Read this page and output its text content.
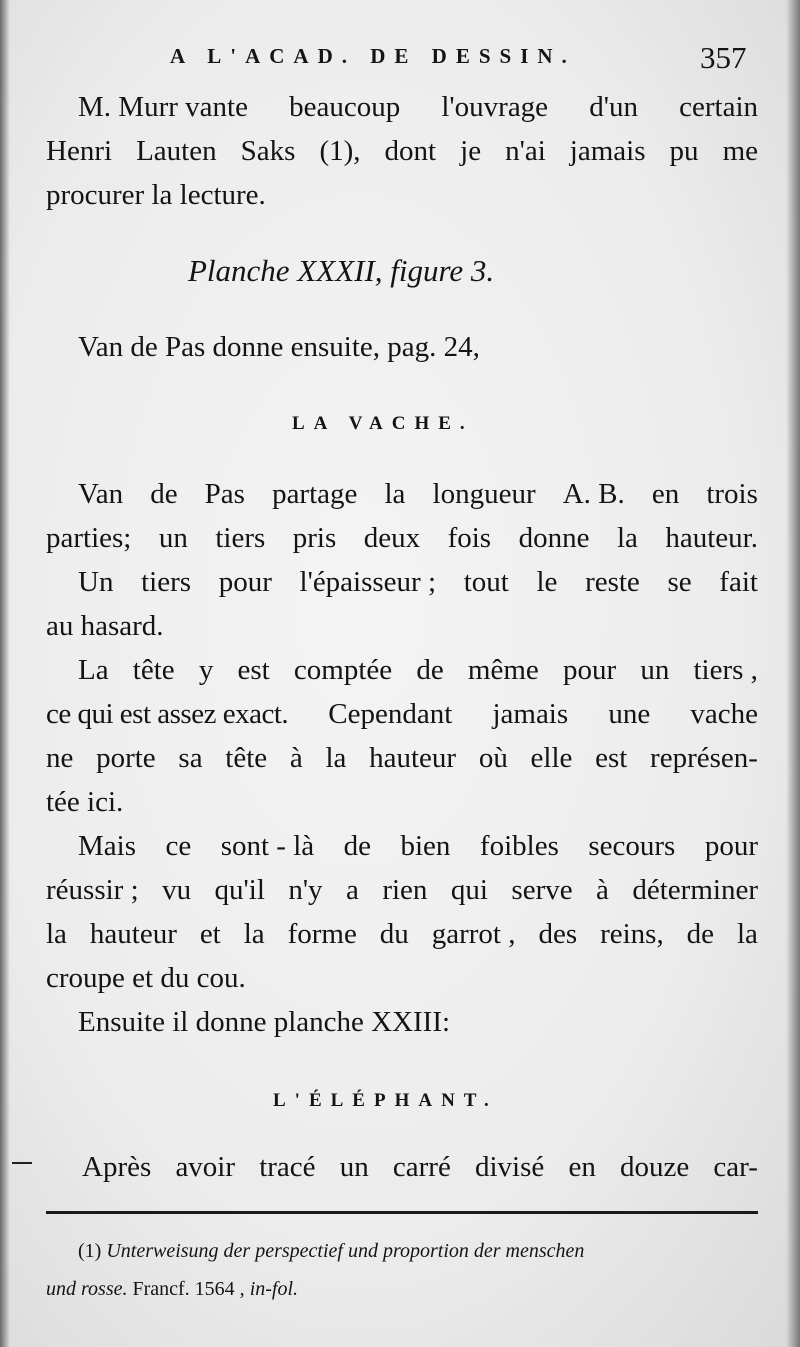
A L'ACAD. DE DESSIN.	357
M. Murr vante beaucoup l'ouvrage d'un certain
Henri Lauten Saks (1), dont je n'ai jamais pu me
procurer la lecture.
Planche XXXII, figure 3.
Van de Pas donne ensuite, pag. 24,
LA VACHE.
Van de Pas partage la longueur A. B. en trois
parties; un tiers pris deux fois donne la hauteur.
Un tiers pour l'épaisseur ; tout le reste se fait
au hasard.
La tête y est comptée de même pour un tiers ,
ce qui est assez exact. Cependant jamais une vache
ne porte sa tête à la hauteur où elle est représen-
tée ici.
Mais ce sont - là de bien foibles secours pour
réussir ; vu qu'il n'y a rien qui serve à déterminer
la hauteur et la forme du garrot , des reins, de la
croupe et du cou.
Ensuite il donne planche XXIII:
L'ÉLÉPHANT.
Après avoir tracé un carré divisé en douze car-
(1) Unterweisung der perspectief und proportion der menschen
und rosse. Francf. 1564 , in-fol.
